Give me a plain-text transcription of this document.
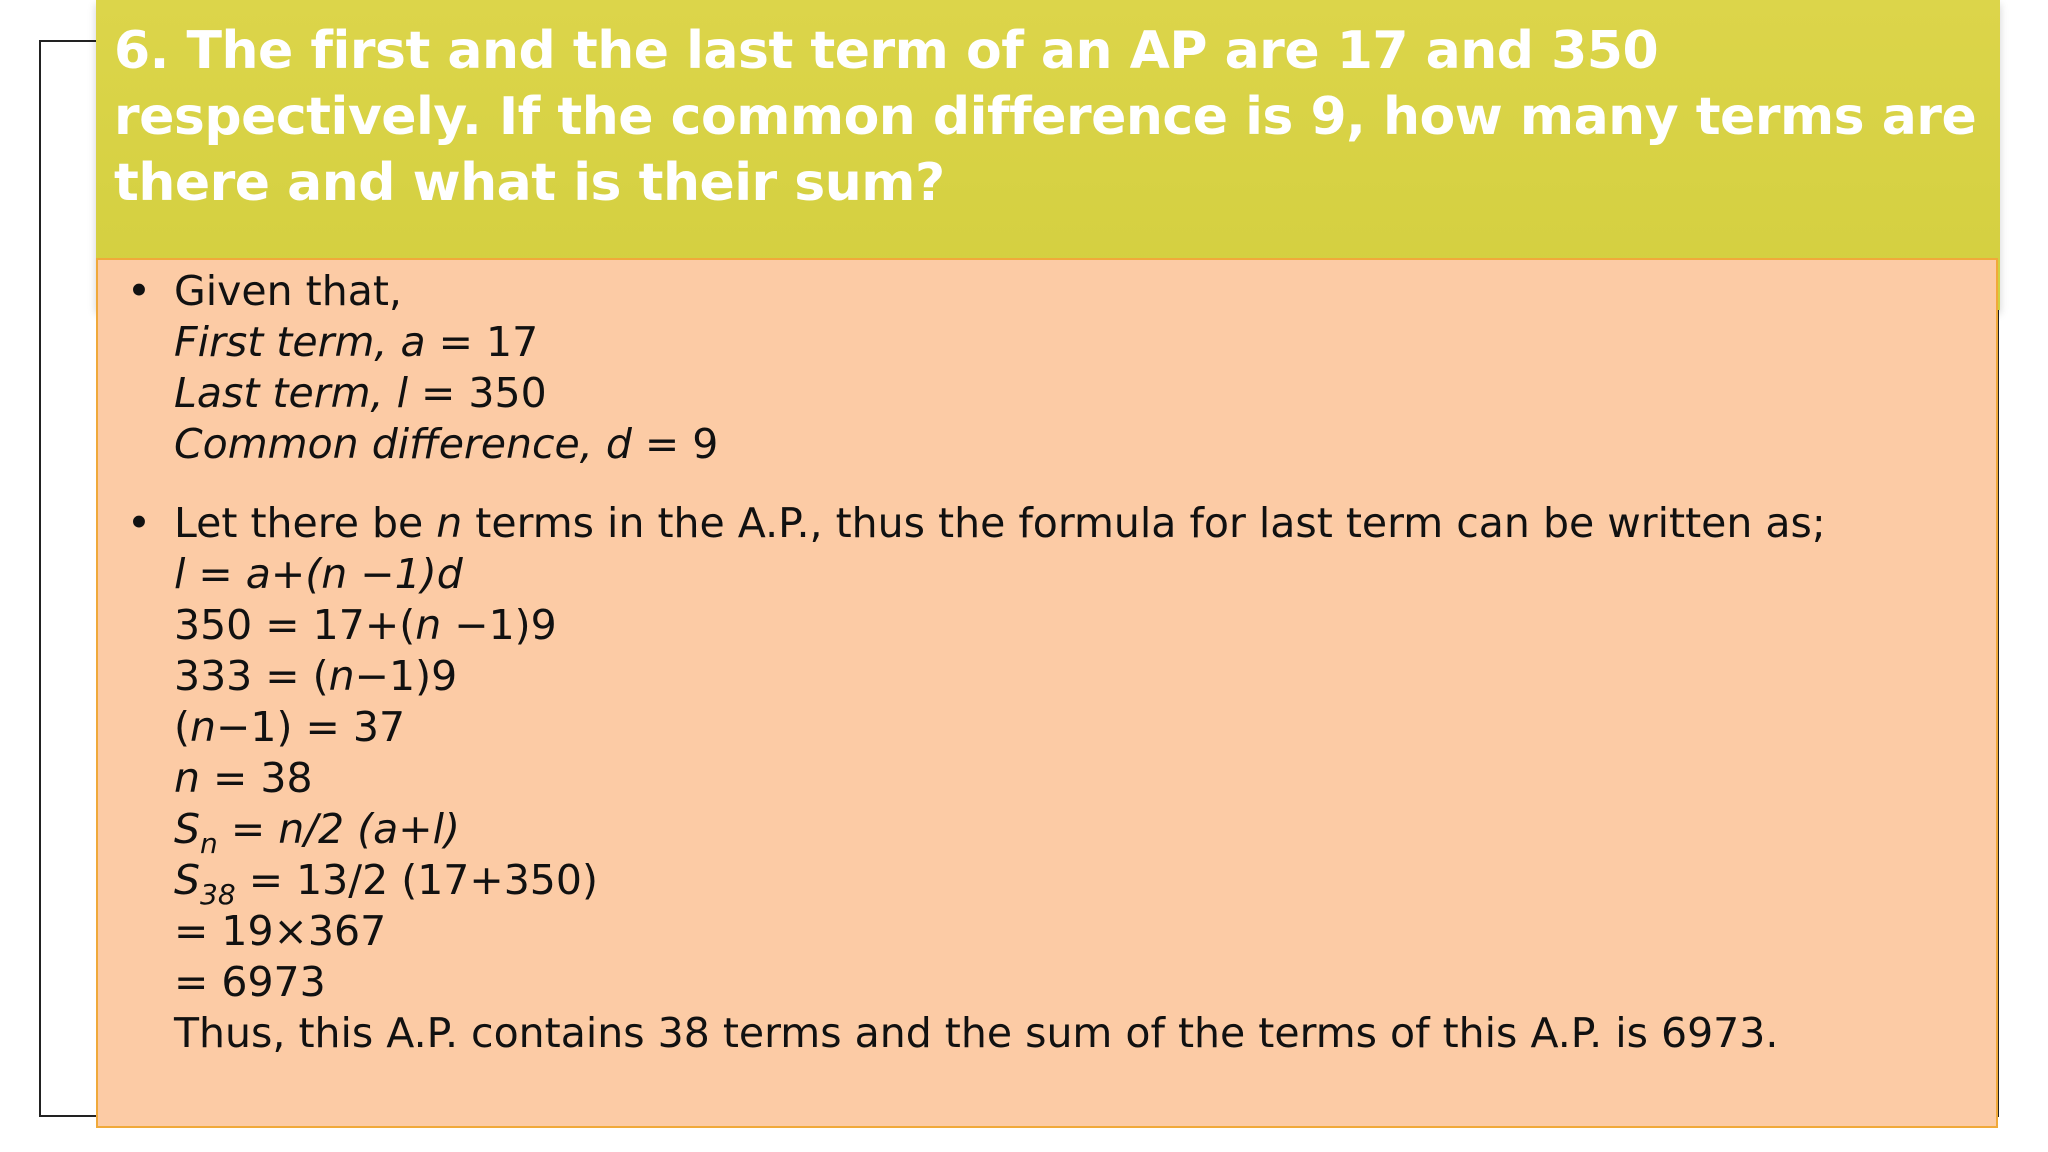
6. The first and the last term of an AP are 17 and 350 respectively. If the common difference is 9, how many terms are there and what is their sum?
• Given that,
First term, a = 17
Last term, l = 350
Common difference, d = 9
• Let there be n terms in the A.P., thus the formula for last term can be written as;
l = a+(n −1)d
350 = 17+(n −1)9
333 = (n−1)9
(n−1) = 37
n = 38
$S_n = n/2$ (a+l)
$S_{38} = 13/2$ (17+350)
= 19×367
= 6973
Thus, this A.P. contains 38 terms and the sum of the terms of this A.P. is 6973.
